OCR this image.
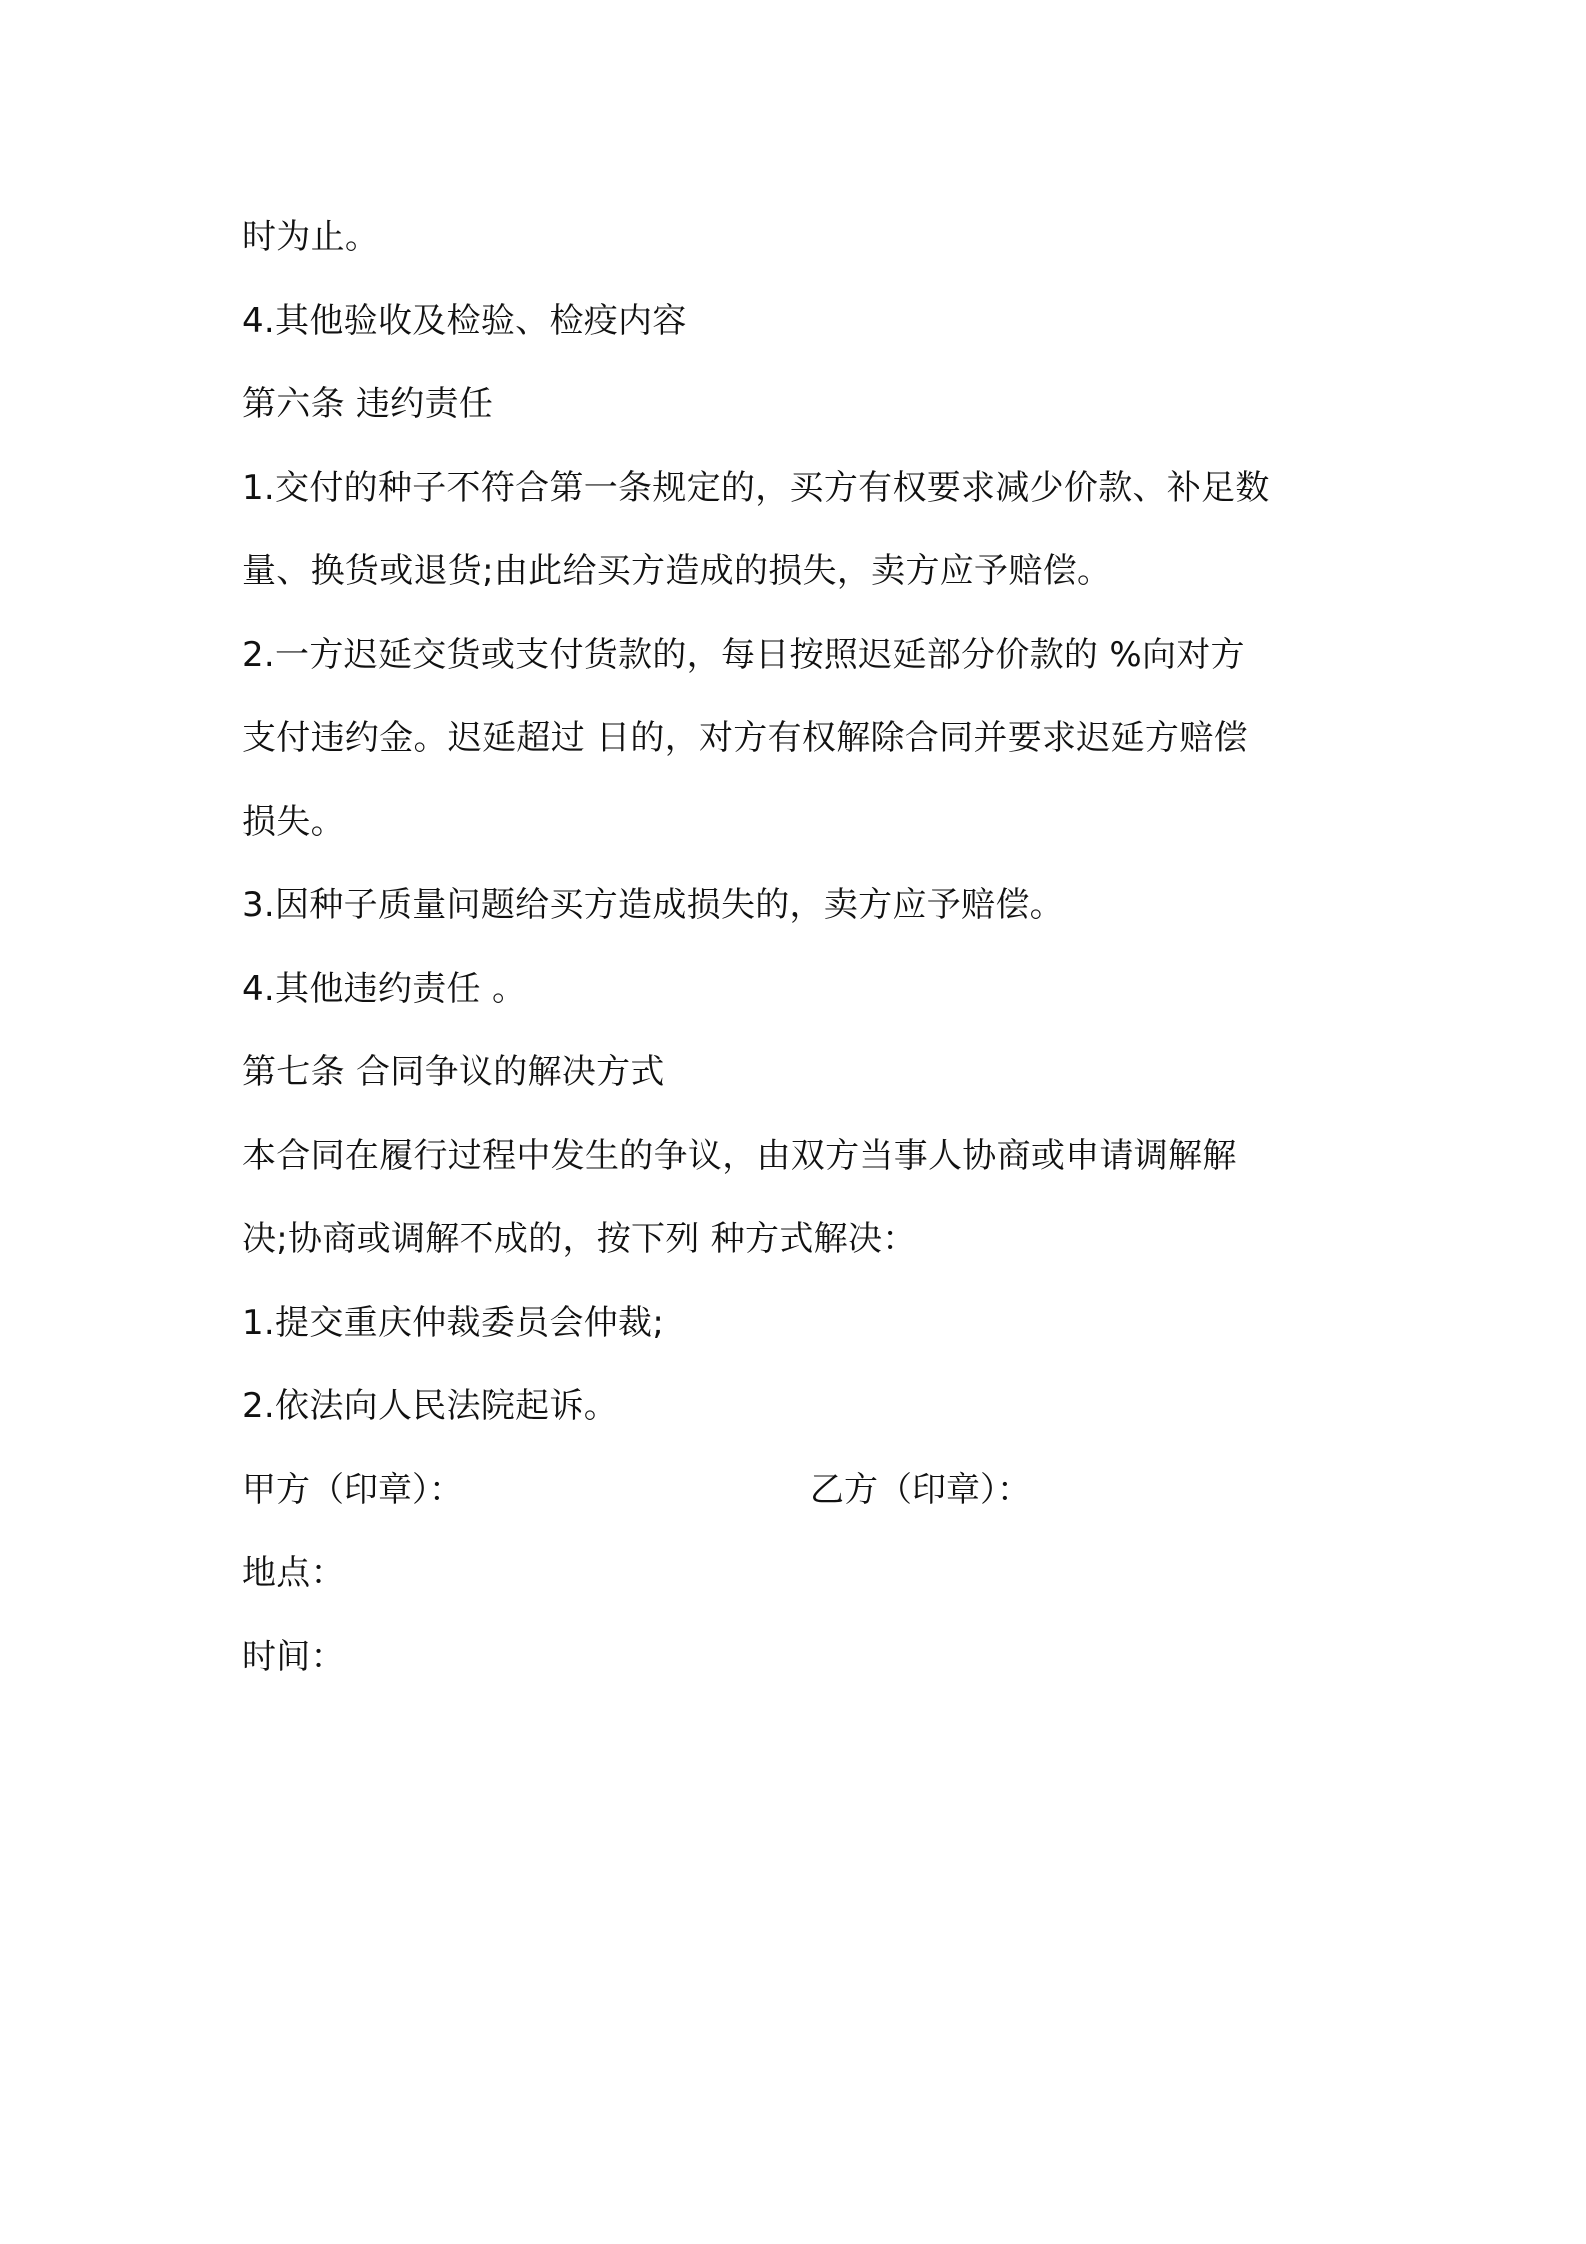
时为止。
4.其他验收及检验、检疫内容
第六条 违约责任
1.交付的种子不符合第一条规定的，买方有权要求减少价款、补足数
量、换货或退货;由此给买方造成的损失，卖方应予赔偿。
2.一方迟延交货或支付货款的，每日按照迟延部分价款的 %向对方
支付违约金。迟延超过 日的，对方有权解除合同并要求迟延方赔偿
损失。
3.因种子质量问题给买方造成损失的，卖方应予赔偿。
4.其他违约责任 。
第七条 合同争议的解决方式
本合同在履行过程中发生的争议，由双方当事人协商或申请调解解
决;协商或调解不成的，按下列 种方式解决：
1.提交重庆仲裁委员会仲裁;
2.依法向人民法院起诉。
甲方（印章）：	乙方（印章）：
地点：
时间：
